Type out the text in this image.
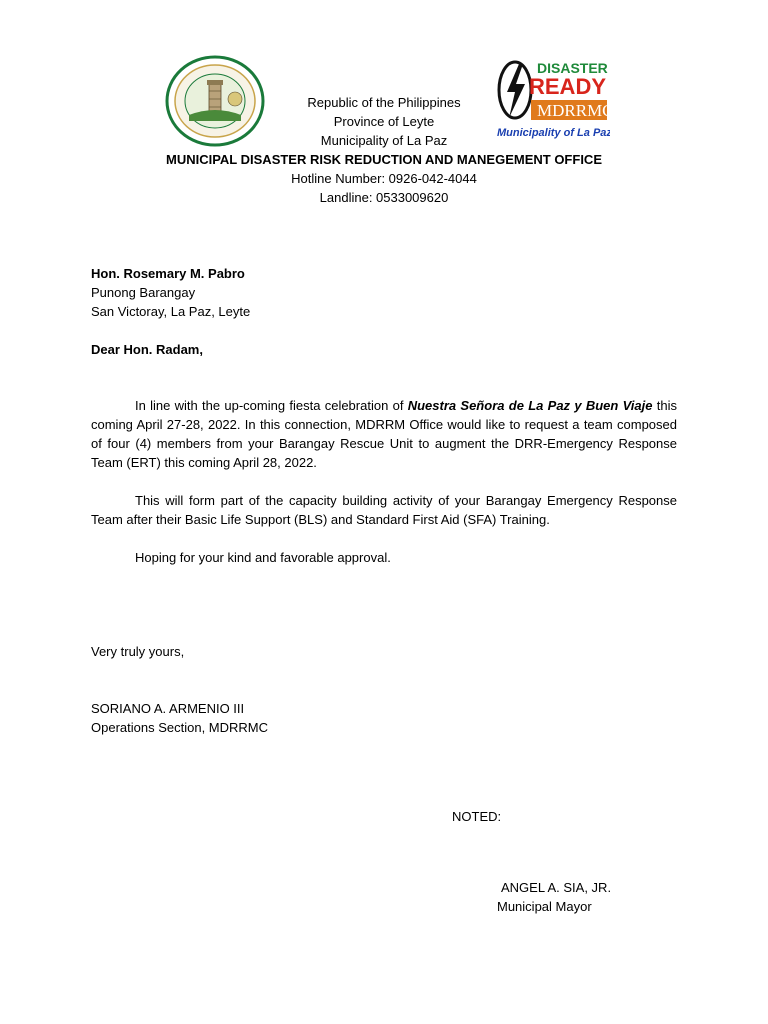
DISASTER
READY
MDRRMC
Municipality of La Paz
Republic of the Philippines
Province of Leyte
Municipality of La Paz
MUNICIPAL DISASTER RISK REDUCTION AND MANEGEMENT OFFICE
Hotline Number: 0926-042-4044
Landline: 0533009620
Hon. Rosemary M. Pabro
Punong Barangay
San Victoray, La Paz, Leyte
Dear Hon. Radam,
In line with the up-coming fiesta celebration of Nuestra Señora de La Paz y Buen Viaje this coming April 27-28, 2022. In this connection, MDRRM Office would like to request a team composed of four (4) members from your Barangay Rescue Unit to augment the DRR-Emergency Response Team (ERT) this coming April 28, 2022.
This will form part of the capacity building activity of your Barangay Emergency Response Team after their Basic Life Support (BLS) and Standard First Aid (SFA) Training.
Hoping for your kind and favorable approval.
Very truly yours,
SORIANO A. ARMENIO III
Operations Section, MDRRMC
NOTED:
ANGEL A. SIA, JR.
Municipal Mayor
